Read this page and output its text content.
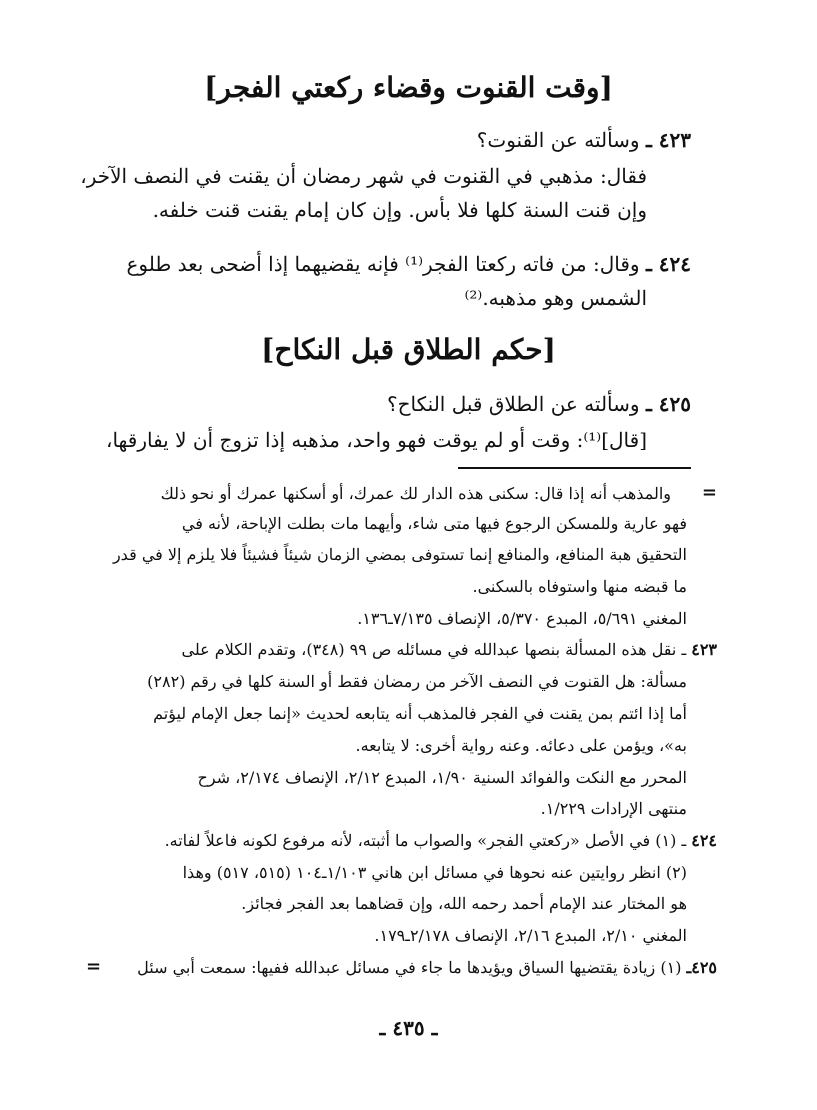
[وقت القنوت وقضاء ركعتي الفجر]
٤٢٣ ـ وسألته عن القنوت؟
فقال: مذهبي في القنوت في شهر رمضان أن يقنت في النصف الآخر،
وإن قنت السنة كلها فلا بأس. وإن كان إمام يقنت قنت خلفه.
٤٢٤ ـ وقال: من فاته ركعتا الفجر⁽¹⁾ فإنه يقضيهما إذا أضحى بعد طلوع
الشمس وهو مذهبه.⁽²⁾
[حكم الطلاق قبل النكاح]
٤٢٥ ـ وسألته عن الطلاق قبل النكاح؟
[قال]⁽¹⁾: وقت أو لم يوقت فهو واحد، مذهبه إذا تزوج أن لا يفارقها،
=
والمذهب أنه إذا قال: سكنى هذه الدار لك عمرك، أو أسكنها عمرك أو نحو ذلك
فهو عارية وللمسكن الرجوع فيها متى شاء، وأيهما مات بطلت الإباحة، لأنه في
التحقيق هبة المنافع، والمنافع إنما تستوفى بمضي الزمان شيئاً فشيئاً فلا يلزم إلا في قدر
ما قبضه منها واستوفاه بالسكنى.
المغني ٥/٦٩١، المبدع ٥/٣٧٠، الإنصاف ٧/١٣٥ـ١٣٦.
٤٢٣ ـ نقل هذه المسألة بنصها عبدالله في مسائله ص ٩٩ (٣٤٨)، وتقدم الكلام على
مسألة: هل القنوت في النصف الآخر من رمضان فقط أو السنة كلها في رقم (٢٨٢)
أما إذا ائتم بمن يقنت في الفجر فالمذهب أنه يتابعه لحديث «إنما جعل الإمام ليؤتم
به»، ويؤمن على دعائه. وعنه رواية أخرى: لا يتابعه.
المحرر مع النكت والفوائد السنية ١/٩٠، المبدع ٢/١٢، الإنصاف ٢/١٧٤، شرح
منتهى الإرادات ١/٢٢٩.
٤٢٤ ـ (١) في الأصل «ركعتي الفجر» والصواب ما أثبته، لأنه مرفوع لكونه فاعلاً لفاته.
(٢) انظر روايتين عنه نحوها في مسائل ابن هاني ١/١٠٣ـ١٠٤ (٥١٥، ٥١٧) وهذا
هو المختار عند الإمام أحمد رحمه الله، وإن قضاهما بعد الفجر فجائز.
المغني ٢/١٠، المبدع ٢/١٦، الإنصاف ٢/١٧٨ـ١٧٩.
٤٢٥ـ (١) زيادة يقتضيها السياق ويؤيدها ما جاء في مسائل عبدالله ففيها: سمعت أبي سئل
=
ـ ٤٣٥ ـ
